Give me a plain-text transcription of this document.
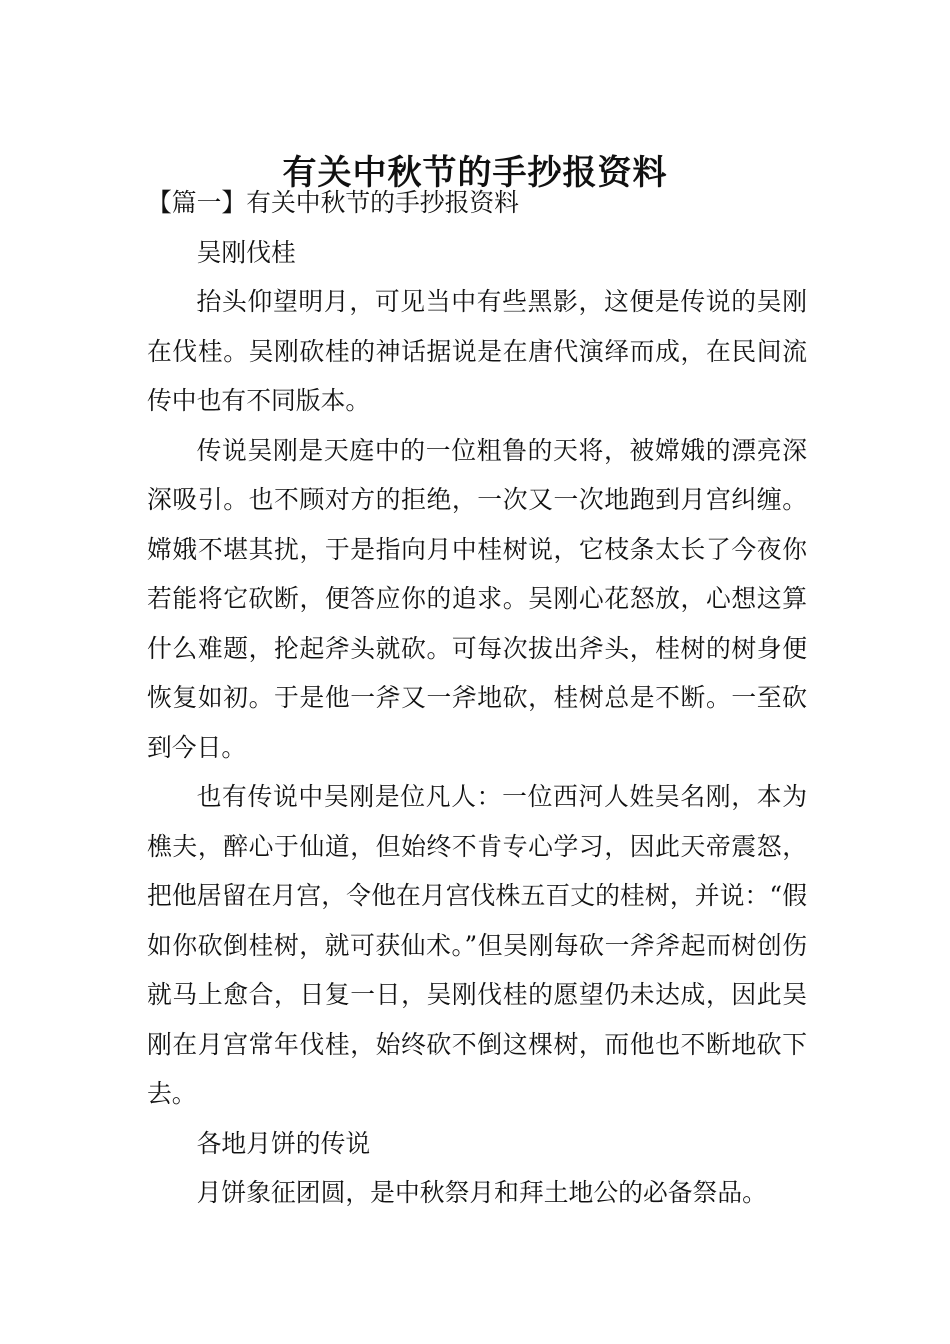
有关中秋节的手抄报资料

【篇一】有关中秋节的手抄报资料

吴刚伐桂

抬头仰望明月，可见当中有些黑影，这便是传说的吴刚在伐桂。吴刚砍桂的神话据说是在唐代演绎而成，在民间流传中也有不同版本。

传说吴刚是天庭中的一位粗鲁的天将，被嫦娥的漂亮深深吸引。也不顾对方的拒绝，一次又一次地跑到月宫纠缠。嫦娥不堪其扰，于是指向月中桂树说，它枝条太长了今夜你若能将它砍断，便答应你的追求。吴刚心花怒放，心想这算什么难题，抡起斧头就砍。可每次拔出斧头，桂树的树身便恢复如初。于是他一斧又一斧地砍，桂树总是不断。一至砍到今日。

也有传说中吴刚是位凡人：一位西河人姓吴名刚，本为樵夫，醉心于仙道，但始终不肯专心学习，因此天帝震怒，把他居留在月宫，令他在月宫伐株五百丈的桂树，并说：“假如你砍倒桂树，就可获仙术。”但吴刚每砍一斧斧起而树创伤就马上愈合，日复一日，吴刚伐桂的愿望仍未达成，因此吴刚在月宫常年伐桂，始终砍不倒这棵树，而他也不断地砍下去。

各地月饼的传说

月饼象征团圆，是中秋祭月和拜土地公的必备祭品。
